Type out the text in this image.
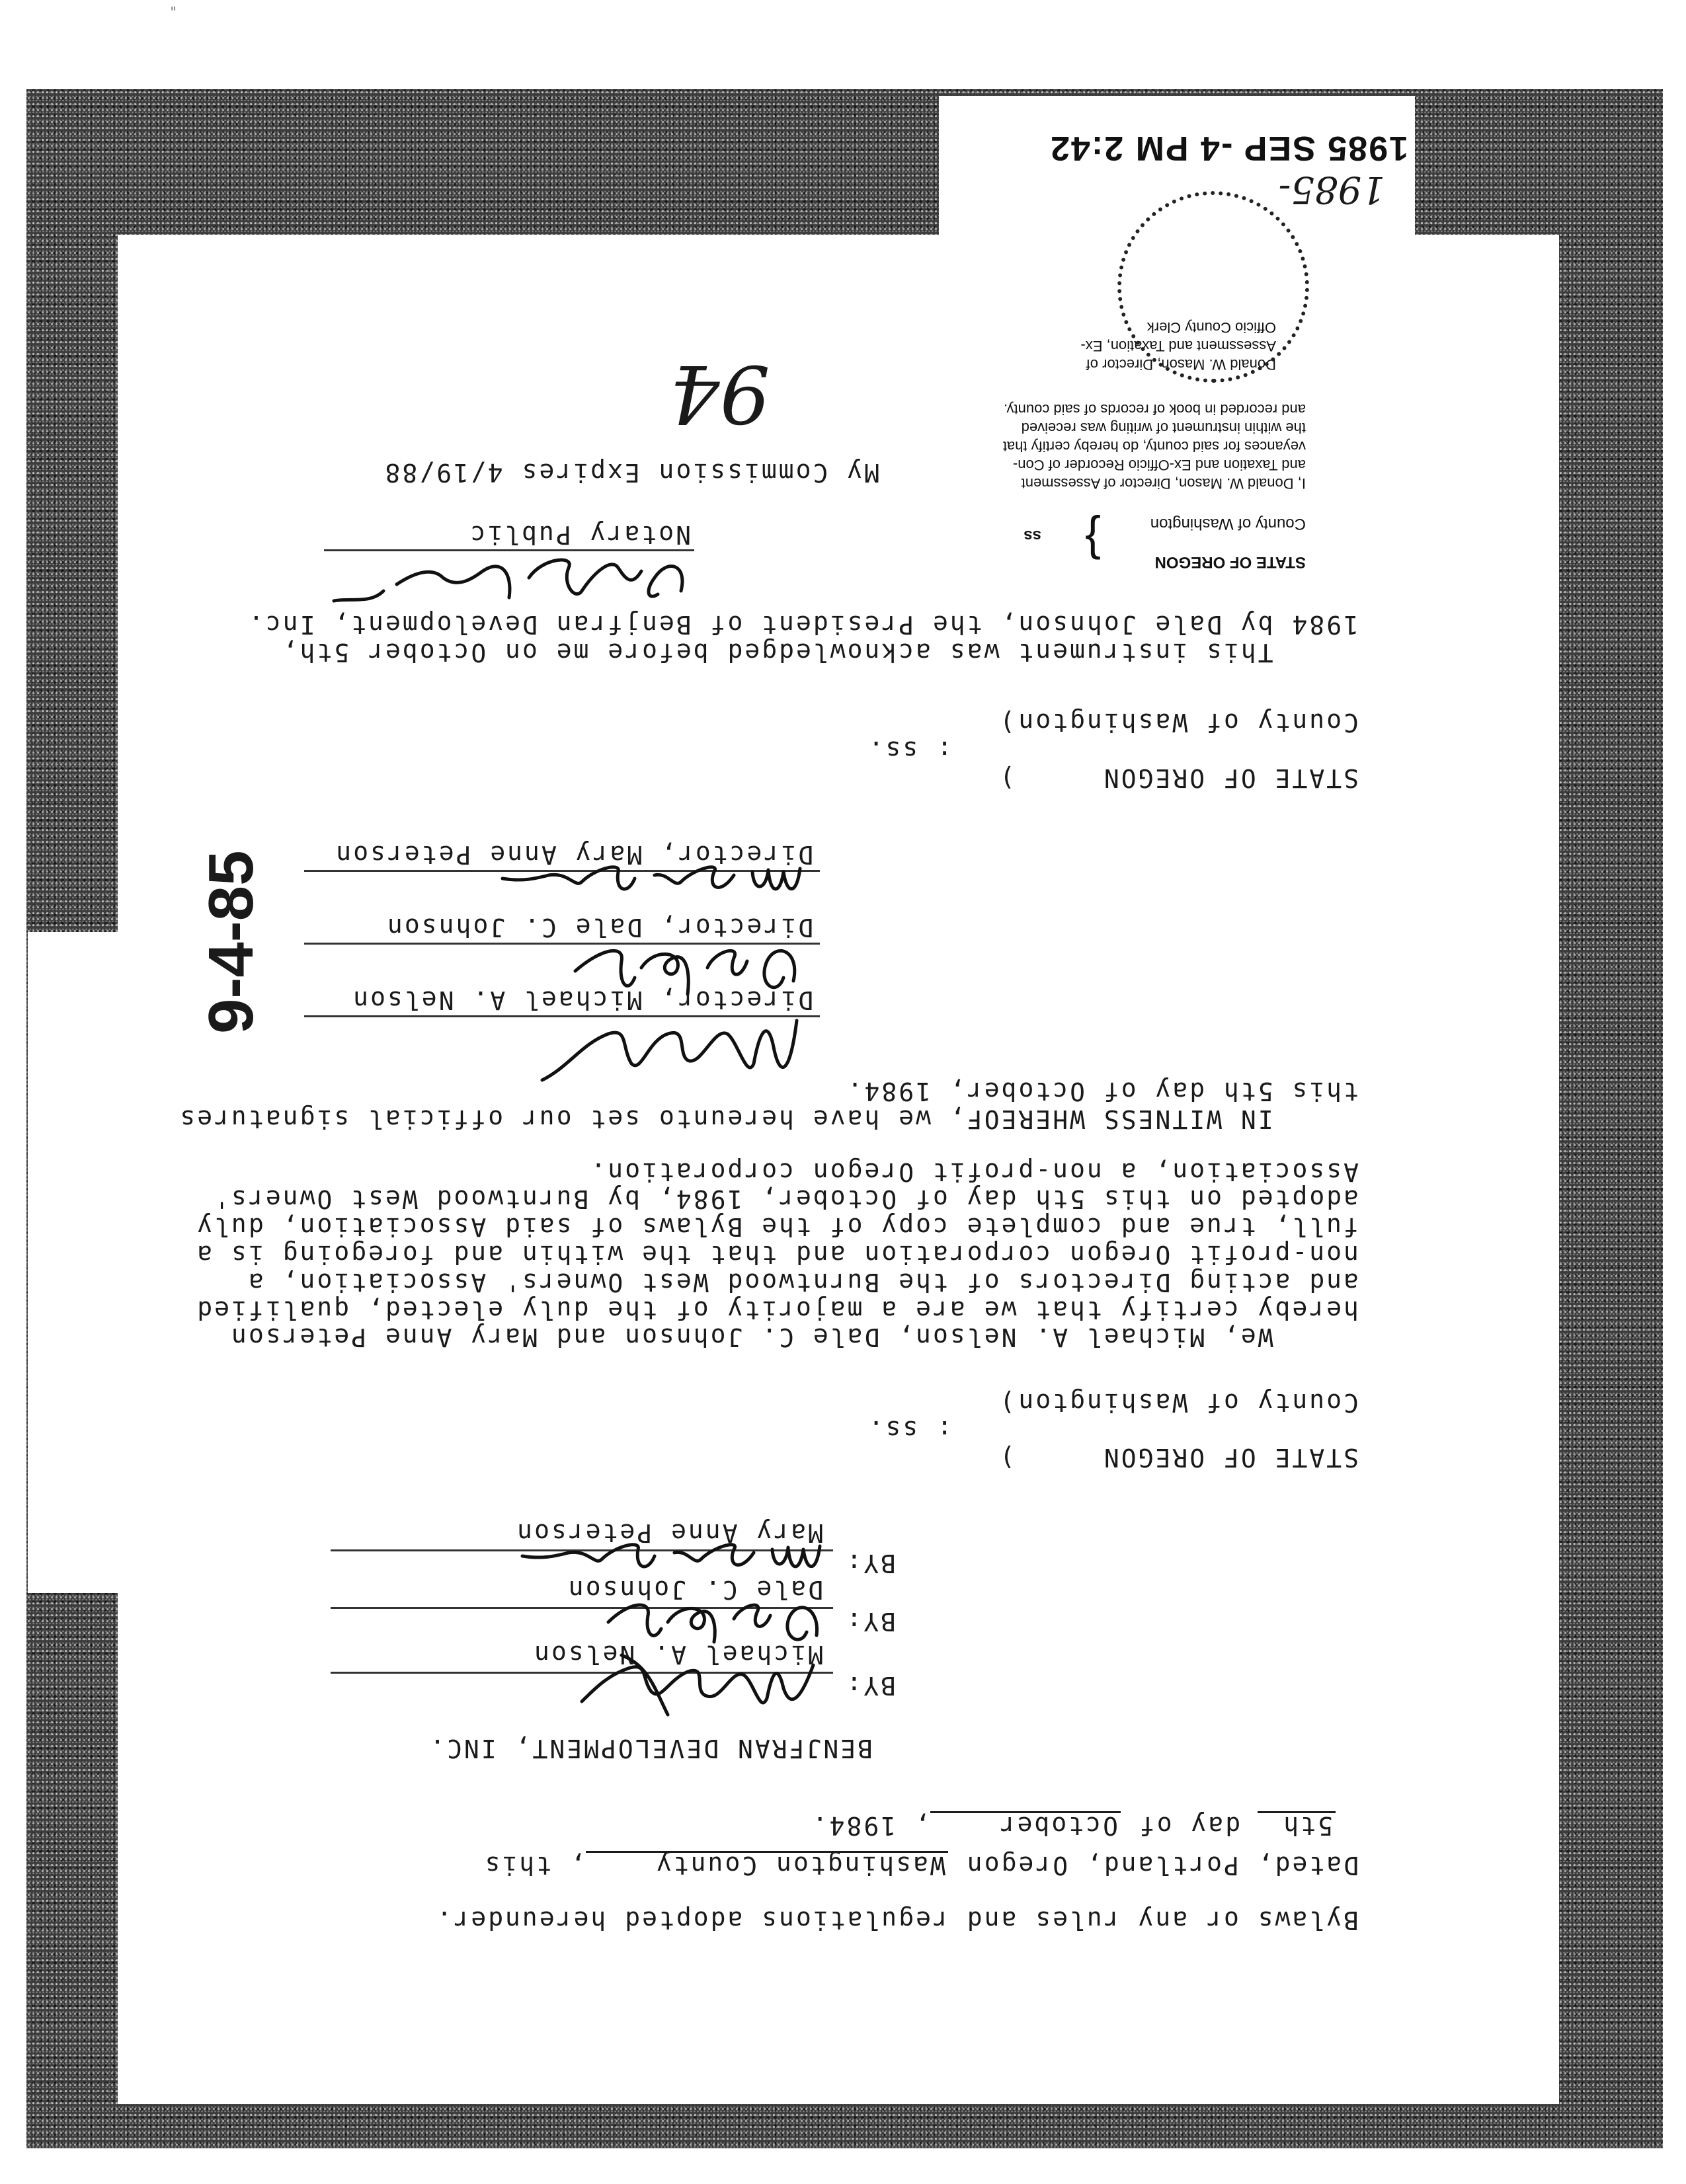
"
9-4-85
Bylaws or any rules and regulations adopted hereunder.
Dated, Portland, Oregon Washington County, this
5th day of October, 1984.
BENJFRAN DEVELOPMENT, INC.
BY:
Michael A. Nelson
BY:
Dale C. Johnson
BY:
Mary Anne Peterson
STATE OF OREGON
)
: ss.
County of Washington
)
We, Michael A. Nelson, Dale C. Johnson and Mary Anne Peterson
hereby certify that we are a majority of the duly elected, qualified
and acting Directors of the Burntwood West Owners' Association, a
non-profit Oregon corporation and that the within and foregoing is a
full, true and complete copy of the Bylaws of said Association, duly
adopted on this 5th day of October, 1984, by Burntwood West Owners'
Association, a non-profit Oregon corporation.
IN WITNESS WHEREOF, we have hereunto set our official signatures
this 5th day of October, 1984.
Director, Michael A. Nelson
Director, Dale C. Johnson
Director, Mary Anne Peterson
STATE OF OREGON
)
: ss.
County of Washington
)
This instrument was acknowledged before me on October 5th,
1984 by Dale Johnson, the President of Benjfran Development, Inc.
Notary Public
My Commission Expires 4/19/88
94
STATE OF OREGON
}
ss
County of Washington
I, Donald W. Mason, Director of Assessment
and Taxation and Ex-Officio Recorder of Con-
veyances for said county, do hereby certify that
the within instrument of writing was received
and recorded in book of records of said county.
Donald W. Mason, Director of
Assessment and Taxation, Ex-
Officio County Clerk
1985-
1985 SEP -4 PM 2:42
